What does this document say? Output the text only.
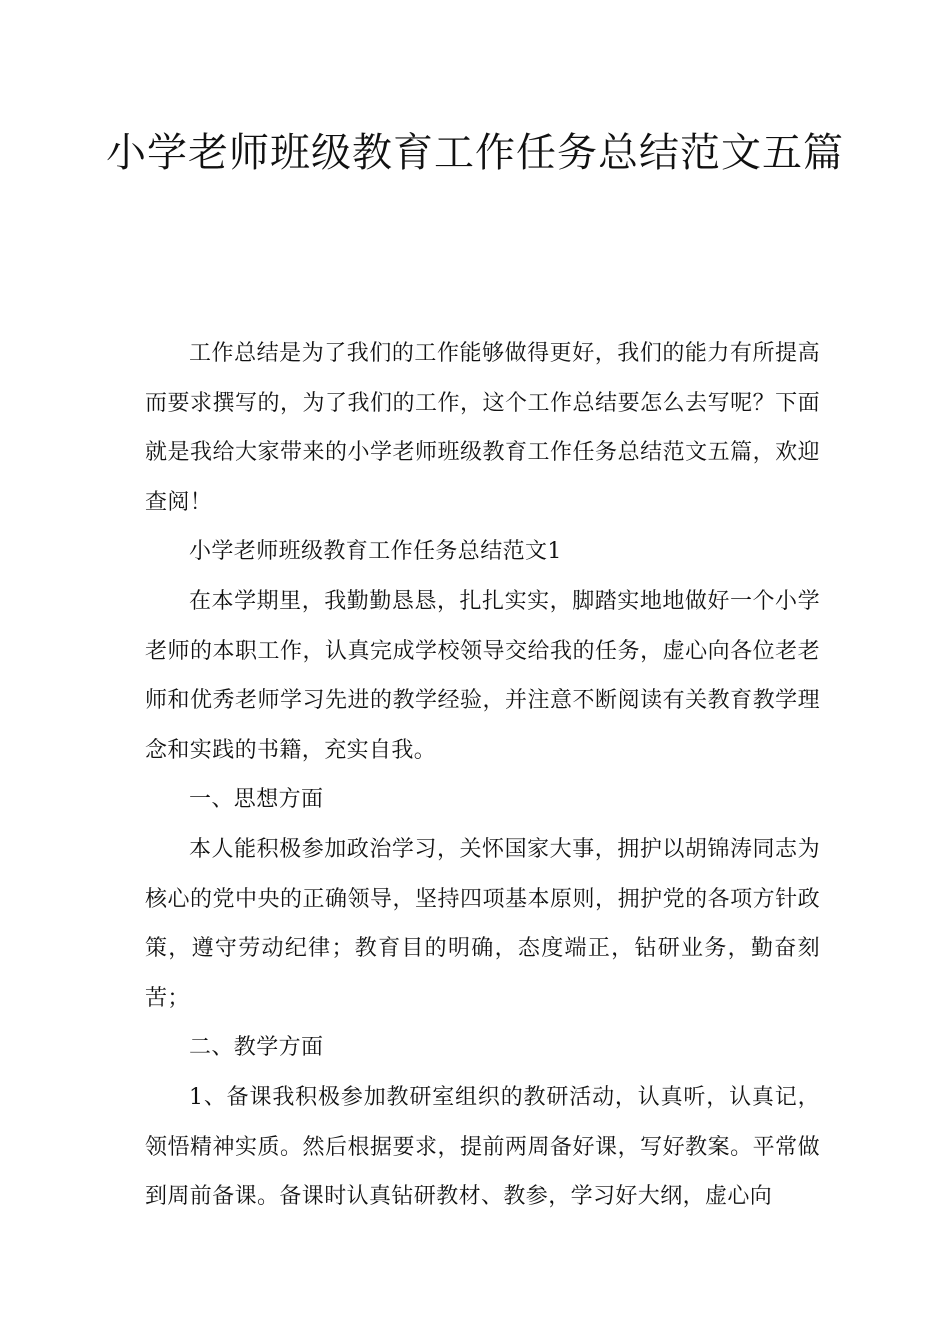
小学老师班级教育工作任务总结范文五篇

工作总结是为了我们的工作能够做得更好，我们的能力有所提高而要求撰写的，为了我们的工作，这个工作总结要怎么去写呢？下面就是我给大家带来的小学老师班级教育工作任务总结范文五篇，欢迎查阅！

小学老师班级教育工作任务总结范文1

在本学期里，我勤勤恳恳，扎扎实实，脚踏实地地做好一个小学老师的本职工作，认真完成学校领导交给我的任务，虚心向各位老老师和优秀老师学习先进的教学经验，并注意不断阅读有关教育教学理念和实践的书籍，充实自我。

一、思想方面

本人能积极参加政治学习，关怀国家大事，拥护以胡锦涛同志为核心的党中央的正确领导，坚持四项基本原则，拥护党的各项方针政策，遵守劳动纪律；教育目的明确，态度端正，钻研业务，勤奋刻苦；

二、教学方面

1、备课我积极参加教研室组织的教研活动，认真听，认真记，领悟精神实质。然后根据要求，提前两周备好课，写好教案。平常做到周前备课。备课时认真钻研教材、教参，学习好大纲，虚心向
